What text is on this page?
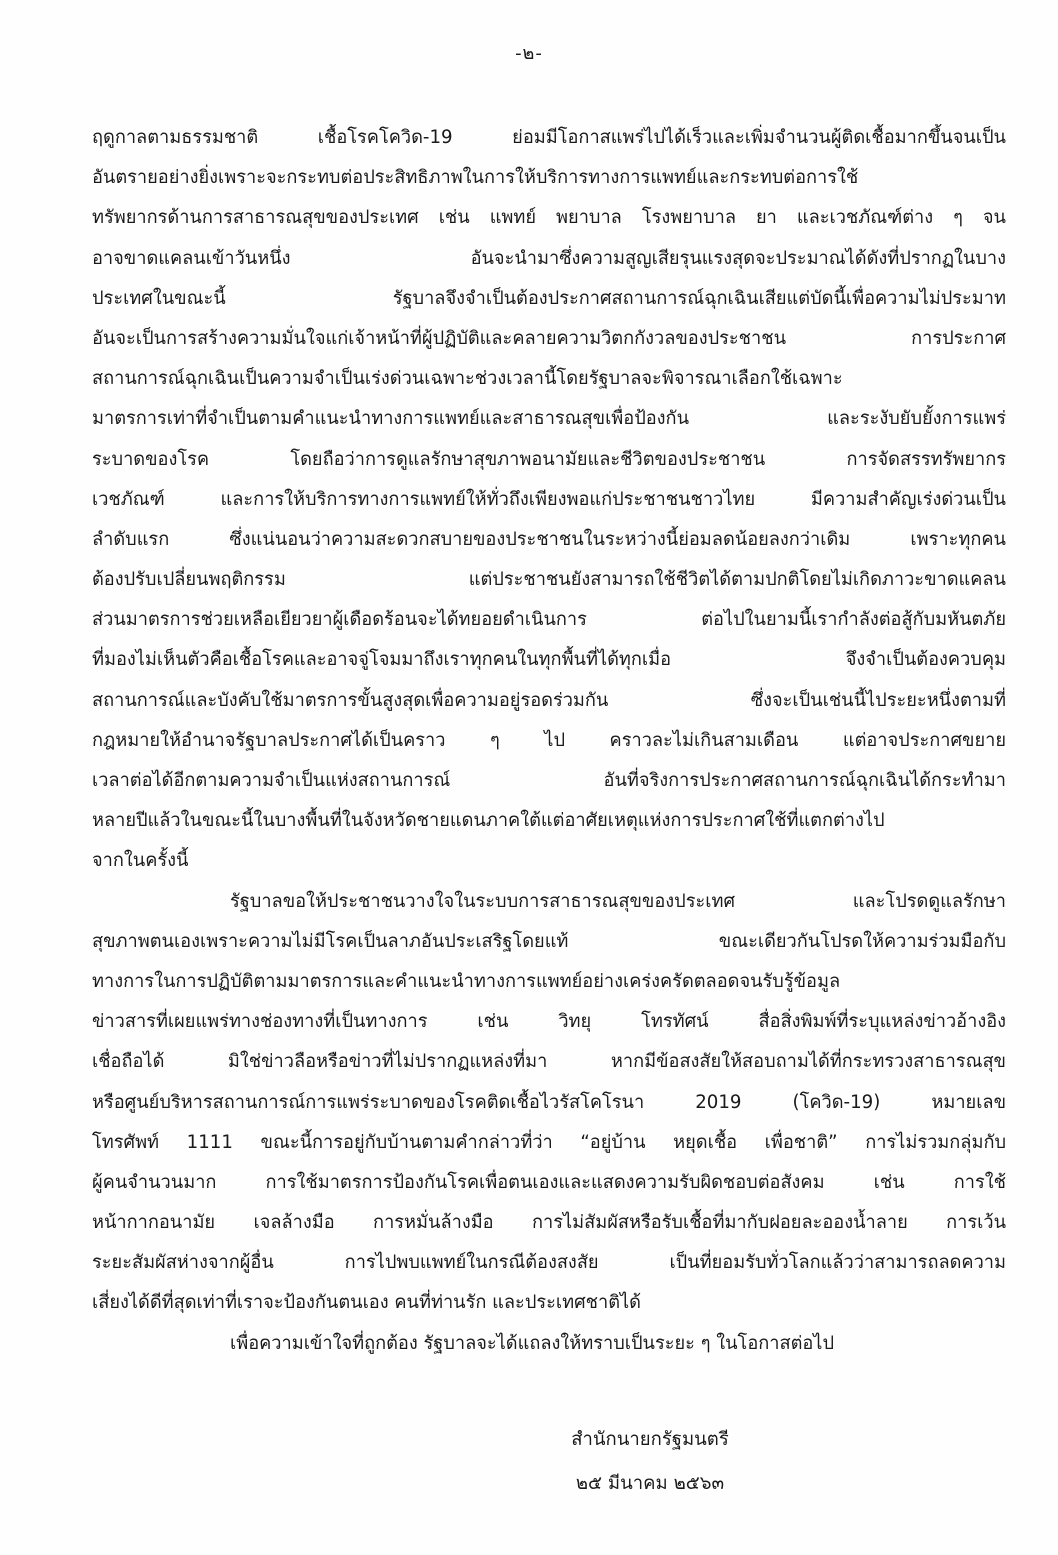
-๒-
ฤดูกาลตามธรรมชาติ เชื้อโรคโควิด-19 ย่อมมีโอกาสแพร่ไปได้เร็วและเพิ่มจำนวนผู้ติดเชื้อมากขึ้นจนเป็น
อันตรายอย่างยิ่งเพราะจะกระทบต่อประสิทธิภาพในการให้บริการทางการแพทย์และกระทบต่อการใช้
ทรัพยากรด้านการสาธารณสุขของประเทศ เช่น แพทย์ พยาบาล โรงพยาบาล ยา และเวชภัณฑ์ต่าง ๆ จน
อาจขาดแคลนเข้าวันหนึ่ง อันจะนำมาซึ่งความสูญเสียรุนแรงสุดจะประมาณได้ดังที่ปรากฏในบาง
ประเทศในขณะนี้ รัฐบาลจึงจำเป็นต้องประกาศสถานการณ์ฉุกเฉินเสียแต่บัดนี้เพื่อความไม่ประมาท
อันจะเป็นการสร้างความมั่นใจแก่เจ้าหน้าที่ผู้ปฏิบัติและคลายความวิตกกังวลของประชาชน การประกาศ
สถานการณ์ฉุกเฉินเป็นความจำเป็นเร่งด่วนเฉพาะช่วงเวลานี้โดยรัฐบาลจะพิจารณาเลือกใช้เฉพาะ
มาตรการเท่าที่จำเป็นตามคำแนะนำทางการแพทย์และสาธารณสุขเพื่อป้องกัน และระงับยับยั้งการแพร่
ระบาดของโรค โดยถือว่าการดูแลรักษาสุขภาพอนามัยและชีวิตของประชาชน การจัดสรรทรัพยากร
เวชภัณฑ์ และการให้บริการทางการแพทย์ให้ทั่วถึงเพียงพอแก่ประชาชนชาวไทย มีความสำคัญเร่งด่วนเป็น
ลำดับแรก ซึ่งแน่นอนว่าความสะดวกสบายของประชาชนในระหว่างนี้ย่อมลดน้อยลงกว่าเดิม เพราะทุกคน
ต้องปรับเปลี่ยนพฤติกรรม แต่ประชาชนยังสามารถใช้ชีวิตได้ตามปกติโดยไม่เกิดภาวะขาดแคลน
ส่วนมาตรการช่วยเหลือเยียวยาผู้เดือดร้อนจะได้ทยอยดำเนินการ ต่อไปในยามนี้เรากำลังต่อสู้กับมหันตภัย
ที่มองไม่เห็นตัวคือเชื้อโรคและอาจจู่โจมมาถึงเราทุกคนในทุกพื้นที่ได้ทุกเมื่อ จึงจำเป็นต้องควบคุม
สถานการณ์และบังคับใช้มาตรการขั้นสูงสุดเพื่อความอยู่รอดร่วมกัน ซึ่งจะเป็นเช่นนี้ไประยะหนึ่งตามที่
กฎหมายให้อำนาจรัฐบาลประกาศได้เป็นคราว ๆ ไป คราวละไม่เกินสามเดือน แต่อาจประกาศขยาย
เวลาต่อได้อีกตามความจำเป็นแห่งสถานการณ์ อันที่จริงการประกาศสถานการณ์ฉุกเฉินได้กระทำมา
หลายปีแล้วในขณะนี้ในบางพื้นที่ในจังหวัดชายแดนภาคใต้แต่อาศัยเหตุแห่งการประกาศใช้ที่แตกต่างไป
จากในครั้งนี้
รัฐบาลขอให้ประชาชนวางใจในระบบการสาธารณสุขของประเทศ และโปรดดูแลรักษา
สุขภาพตนเองเพราะความไม่มีโรคเป็นลาภอันประเสริฐโดยแท้ ขณะเดียวกันโปรดให้ความร่วมมือกับ
ทางการในการปฏิบัติตามมาตรการและคำแนะนำทางการแพทย์อย่างเคร่งครัดตลอดจนรับรู้ข้อมูล
ข่าวสารที่เผยแพร่ทางช่องทางที่เป็นทางการ เช่น วิทยุ โทรทัศน์ สื่อสิ่งพิมพ์ที่ระบุแหล่งข่าวอ้างอิง
เชื่อถือได้ มิใช่ข่าวลือหรือข่าวที่ไม่ปรากฏแหล่งที่มา หากมีข้อสงสัยให้สอบถามได้ที่กระทรวงสาธารณสุข
หรือศูนย์บริหารสถานการณ์การแพร่ระบาดของโรคติดเชื้อไวรัสโคโรนา 2019 (โควิด-19) หมายเลข
โทรศัพท์ 1111 ขณะนี้การอยู่กับบ้านตามคำกล่าวที่ว่า “อยู่บ้าน หยุดเชื้อ เพื่อชาติ” การไม่รวมกลุ่มกับ
ผู้คนจำนวนมาก การใช้มาตรการป้องกันโรคเพื่อตนเองและแสดงความรับผิดชอบต่อสังคม เช่น การใช้
หน้ากากอนามัย เจลล้างมือ การหมั่นล้างมือ การไม่สัมผัสหรือรับเชื้อที่มากับฝอยละอองน้ำลาย การเว้น
ระยะสัมผัสห่างจากผู้อื่น การไปพบแพทย์ในกรณีต้องสงสัย เป็นที่ยอมรับทั่วโลกแล้วว่าสามารถลดความ
เสี่ยงได้ดีที่สุดเท่าที่เราจะป้องกันตนเอง คนที่ท่านรัก และประเทศชาติได้
เพื่อความเข้าใจที่ถูกต้อง รัฐบาลจะได้แถลงให้ทราบเป็นระยะ ๆ ในโอกาสต่อไป
สำนักนายกรัฐมนตรี
๒๕ มีนาคม ๒๕๖๓
